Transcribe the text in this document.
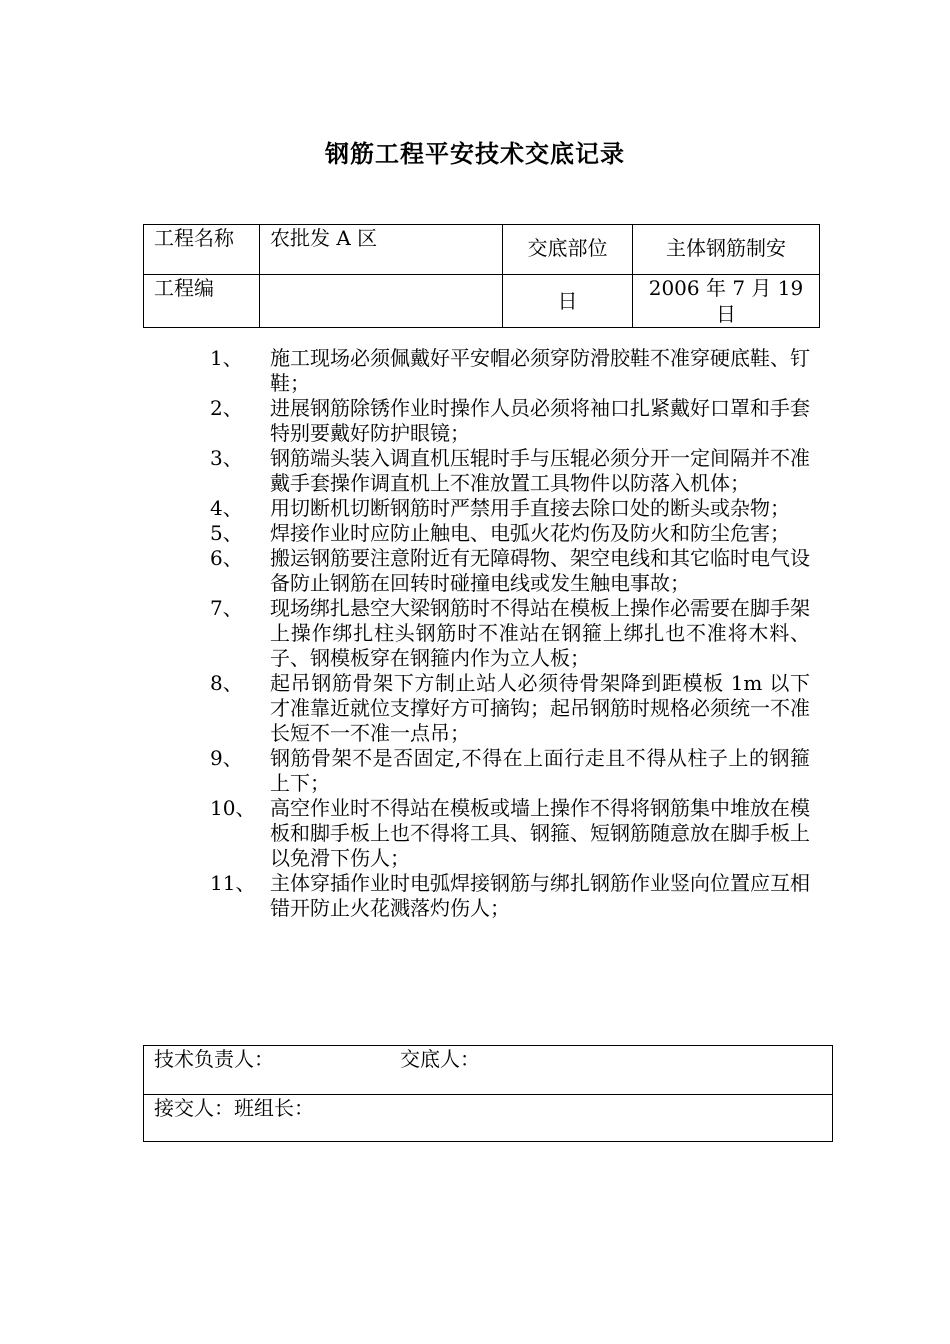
钢筋工程平安技术交底记录
工程名称	农批发 A 区	交底部位	主体钢筋制安

工程编		日	2006 年 7 月 19 日
1、	施工现场必须佩戴好平安帽必须穿防滑胶鞋不准穿硬底鞋、钉鞋；
2、	进展钢筋除锈作业时操作人员必须将袖口扎紧戴好口罩和手套特别要戴好防护眼镜；
3、	钢筋端头装入调直机压辊时手与压辊必须分开一定间隔并不准戴手套操作调直机上不准放置工具物件以防落入机体；
4、	用切断机切断钢筋时严禁用手直接去除口处的断头或杂物；
5、	焊接作业时应防止触电、电弧火花灼伤及防火和防尘危害；
6、	搬运钢筋要注意附近有无障碍物、架空电线和其它临时电气设备防止钢筋在回转时碰撞电线或发生触电事故；
7、	现场绑扎悬空大梁钢筋时不得站在模板上操作必需要在脚手架上操作绑扎柱头钢筋时不准站在钢箍上绑扎也不准将木料、子、钢模板穿在钢箍内作为立人板；
8、	起吊钢筋骨架下方制止站人必须待骨架降到距模板 1m 以下才准靠近就位支撑好方可摘钩；起吊钢筋时规格必须统一不准长短不一不准一点吊；
9、	钢筋骨架不是否固定,不得在上面行走且不得从柱子上的钢箍上下；
10、 高空作业时不得站在模板或墙上操作不得将钢筋集中堆放在模板和脚手板上也不得将工具、钢箍、短钢筋随意放在脚手板上以免滑下伤人；
11、 主体穿插作业时电弧焊接钢筋与绑扎钢筋作业竖向位置应互相错开防止火花溅落灼伤人；
技术负责人：	交底人：
接交人：班组长：
